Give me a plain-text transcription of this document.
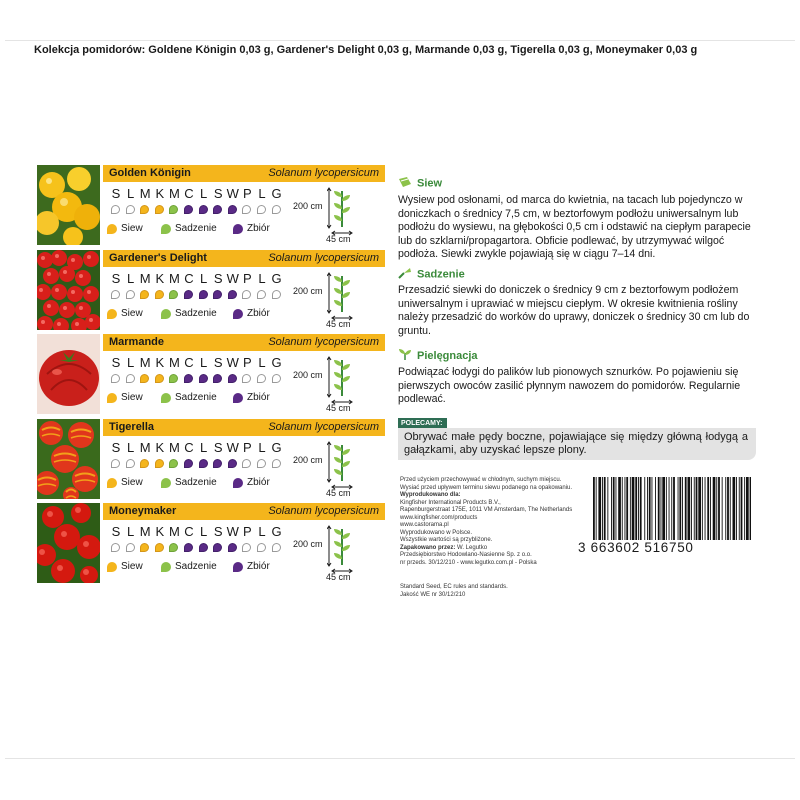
Kolekcja pomidorów: Goldene Königin 0,03 g, Gardener's Delight 0,03 g, Marmande 0,03 g, Tigerella 0,03 g, Moneymaker 0,03 g
Golden Königin	Solanum lycopersicum
S L M K M C L S W P L G
Siew	Sadzenie	Zbiór
200 cm
45 cm
Gardener's Delight	Solanum lycopersicum
S L M K M C L S W P L G
Siew	Sadzenie	Zbiór
200 cm
45 cm
Marmande	Solanum lycopersicum
S L M K M C L S W P L G
Siew	Sadzenie	Zbiór
200 cm
45 cm
Tigerella	Solanum lycopersicum
S L M K M C L S W P L G
Siew	Sadzenie	Zbiór
200 cm
45 cm
Moneymaker	Solanum lycopersicum
S L M K M C L S W P L G
Siew	Sadzenie	Zbiór
200 cm
45 cm
Siew
Wysiew pod osłonami, od marca do kwietnia, na tacach lub pojedynczo w doniczkach o średnicy 7,5 cm, w beztorfowym podłożu uniwersalnym lub podłożu do wysiewu, na głębokości 0,5 cm i odstawić na ciepłym parapecie lub do szklarni/propagartora. Obficie podlewać, by utrzymywać wilgoć podłoża. Siewki zwykle pojawiają się w ciągu 7–14 dni.
Sadzenie
Przesadzić siewki do doniczek o średnicy 9 cm z beztorfowym podłożem uniwersalnym i uprawiać w miejscu ciepłym. W okresie kwitnienia rośliny należy przesadzić do worków do uprawy, doniczek o średnicy 30 cm lub do gruntu.
Pielęgnacja
Podwiązać łodygi do palików lub pionowych sznurków. Po pojawieniu się pierwszych owoców zasilić płynnym nawozem do pomidorów. Regularnie podlewać.
POLECAMY:
Obrywać małe pędy boczne, pojawiające się między główną łodygą a gałązkami, aby uzyskać lepsze plony.
Przed użyciem przechowywać w chłodnym, suchym miejscu.
Wysiać przed upływem terminu siewu podanego na opakowaniu.
Wyprodukowano dla:
Kingfisher International Products B.V.,
Rapenburgerstraat 175E, 1011 VM Amsterdam, The Netherlands
www.kingfisher.com/products
www.castorama.pl
Wyprodukowano w Polsce.
Wszystkie wartości są przybliżone.
Zapakowano przez: W. Legutko
Przedsiębiorstwo Hodowlano-Nasienne Sp. z o.o.
nr przeds. 30/12/210 - www.legutko.com.pl - Polska
Standard Seed, EC rules and standards.
Jakość WE nr 30/12/210
3 663602 516750
